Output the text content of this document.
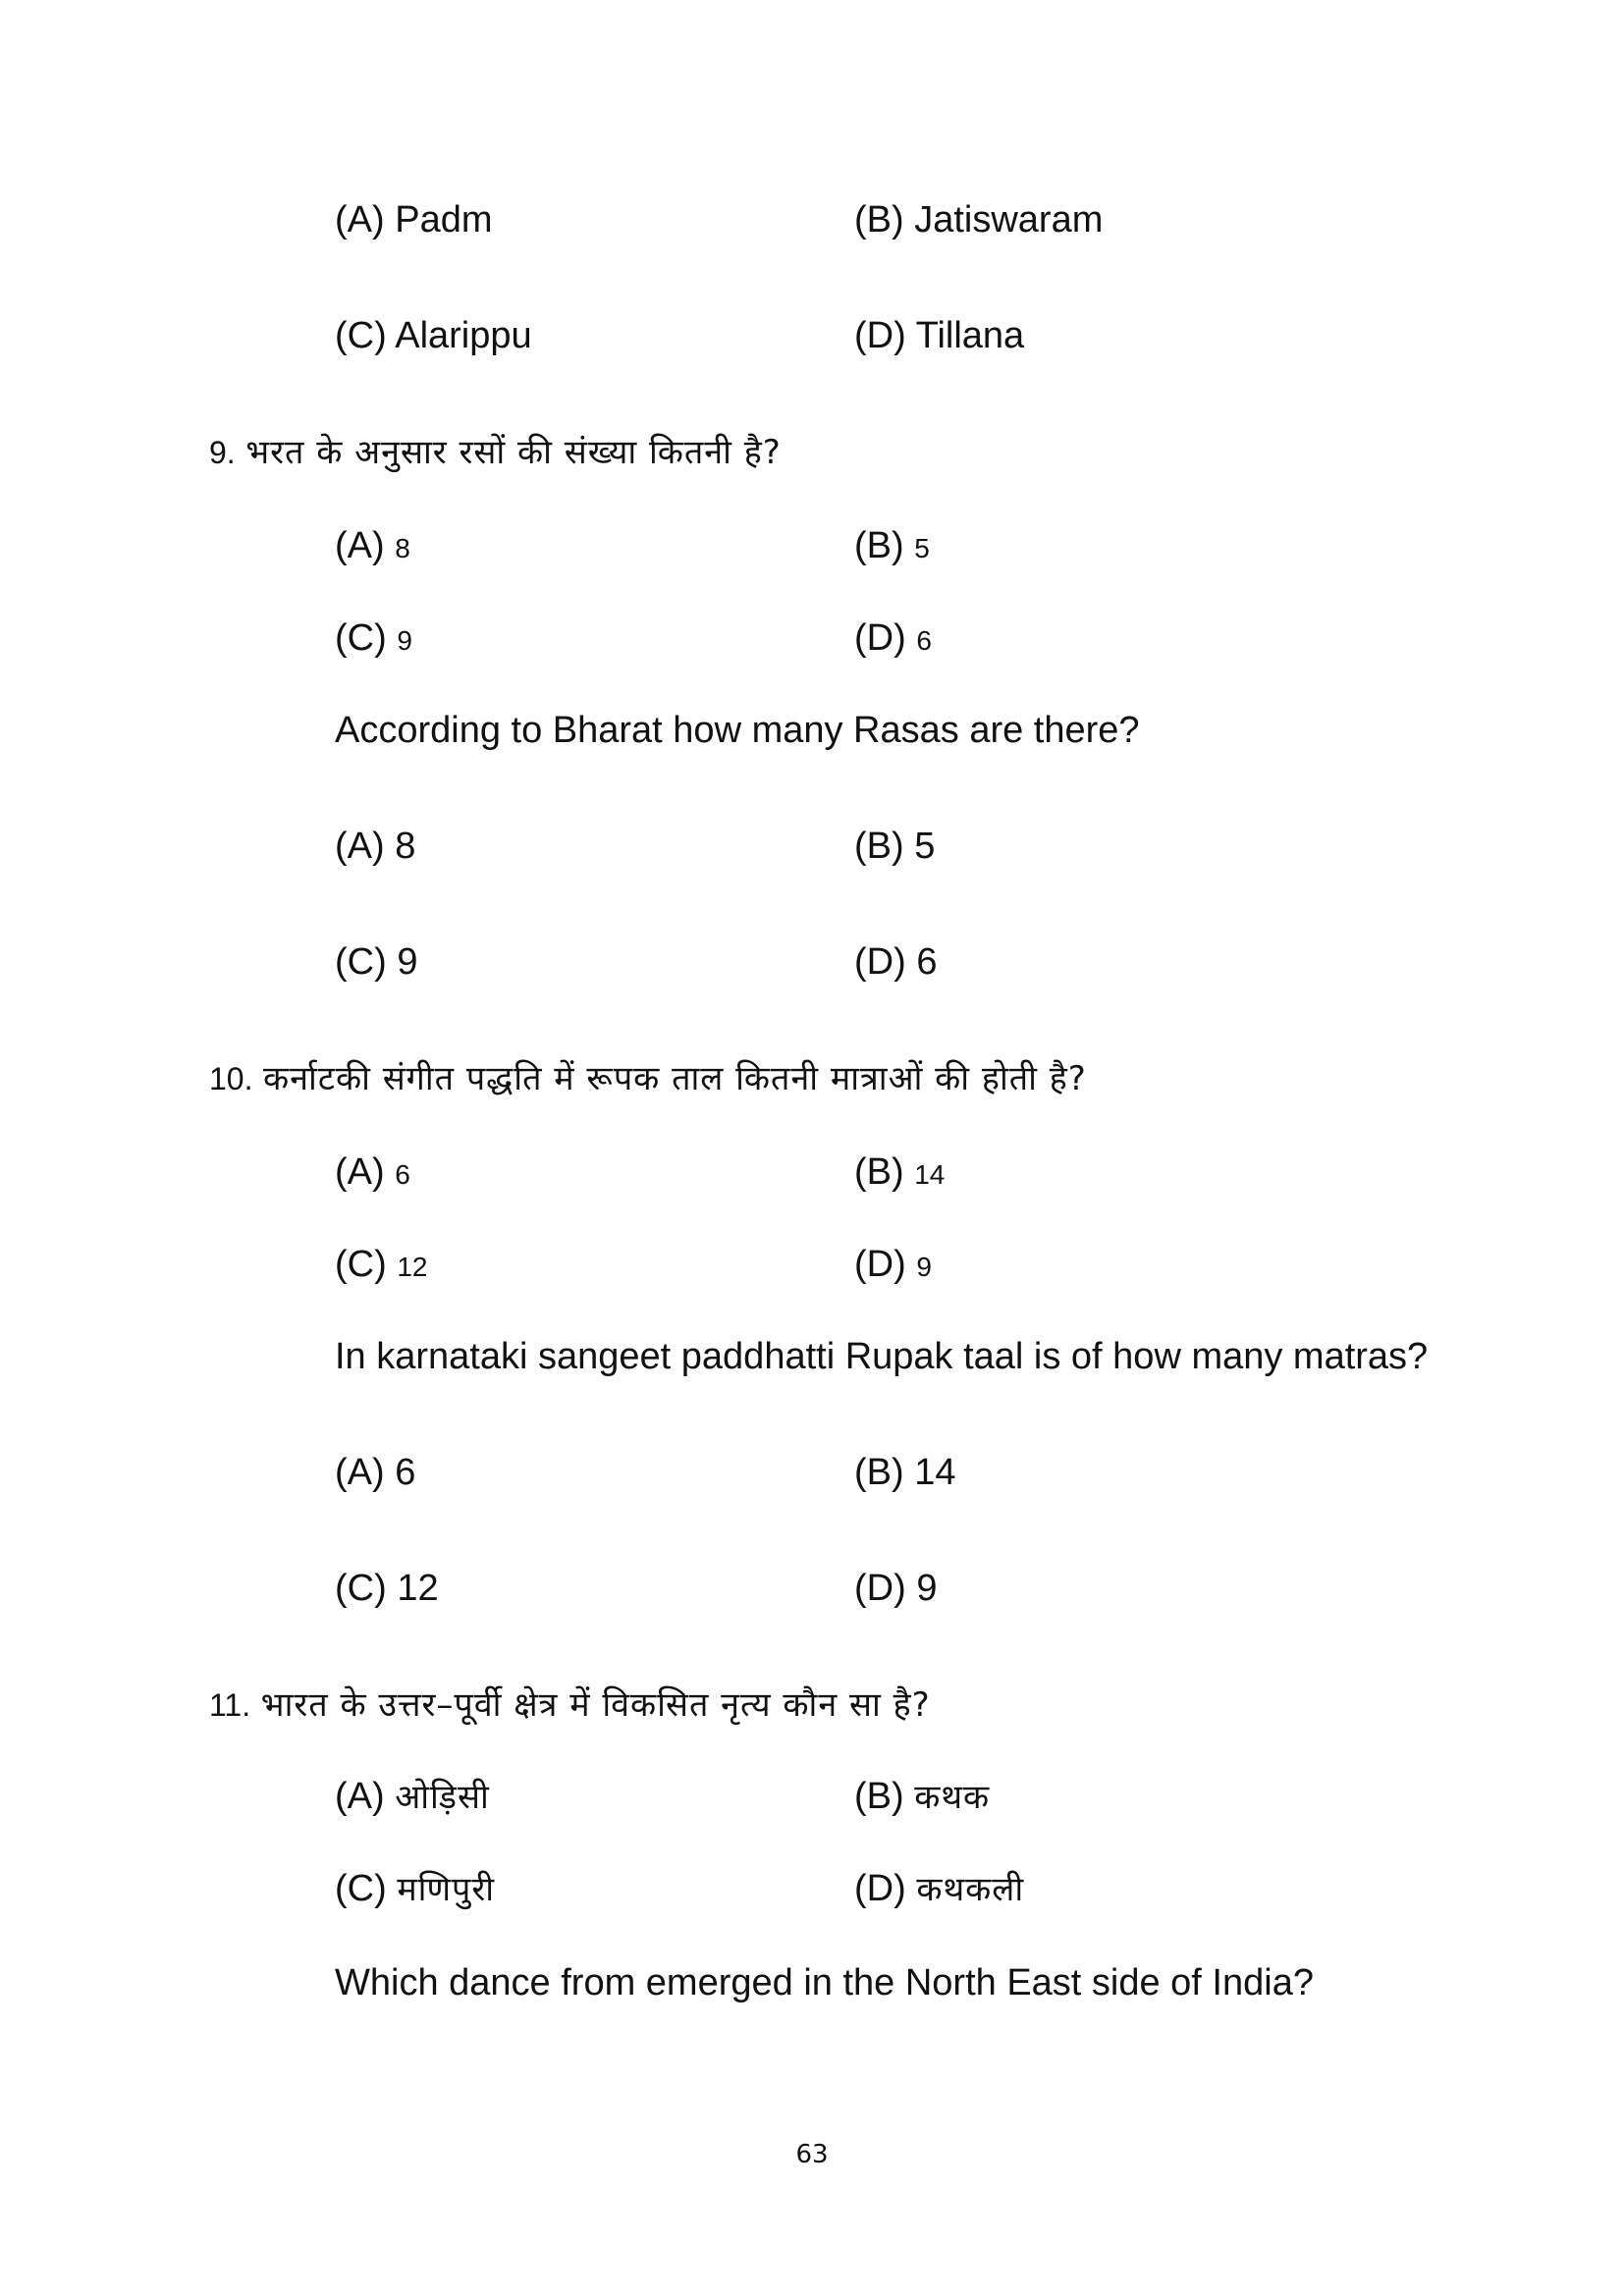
(A) Padm	(B) Jatiswaram
(C) Alarippu	(D) Tillana
9. भरत के अनुसार रसों की संख्या कितनी है?
(A) 8	(B) 5
(C) 9	(D) 6
According to Bharat how many Rasas are there?
(A) 8	(B) 5
(C) 9	(D) 6
10. कर्नाटकी संगीत पद्धति में रूपक ताल कितनी मात्राओं की होती है?
(A) 6	(B) 14
(C) 12	(D) 9
In karnataki sangeet paddhatti Rupak taal is of how many matras?
(A) 6	(B) 14
(C) 12	(D) 9
11. भारत के उत्तर–पूर्वी क्षेत्र में विकसित नृत्य कौन सा है?
(A) ओड़िसी	(B) कथक
(C) मणिपुरी	(D) कथकली
Which dance from emerged in the North East side of India?
63
